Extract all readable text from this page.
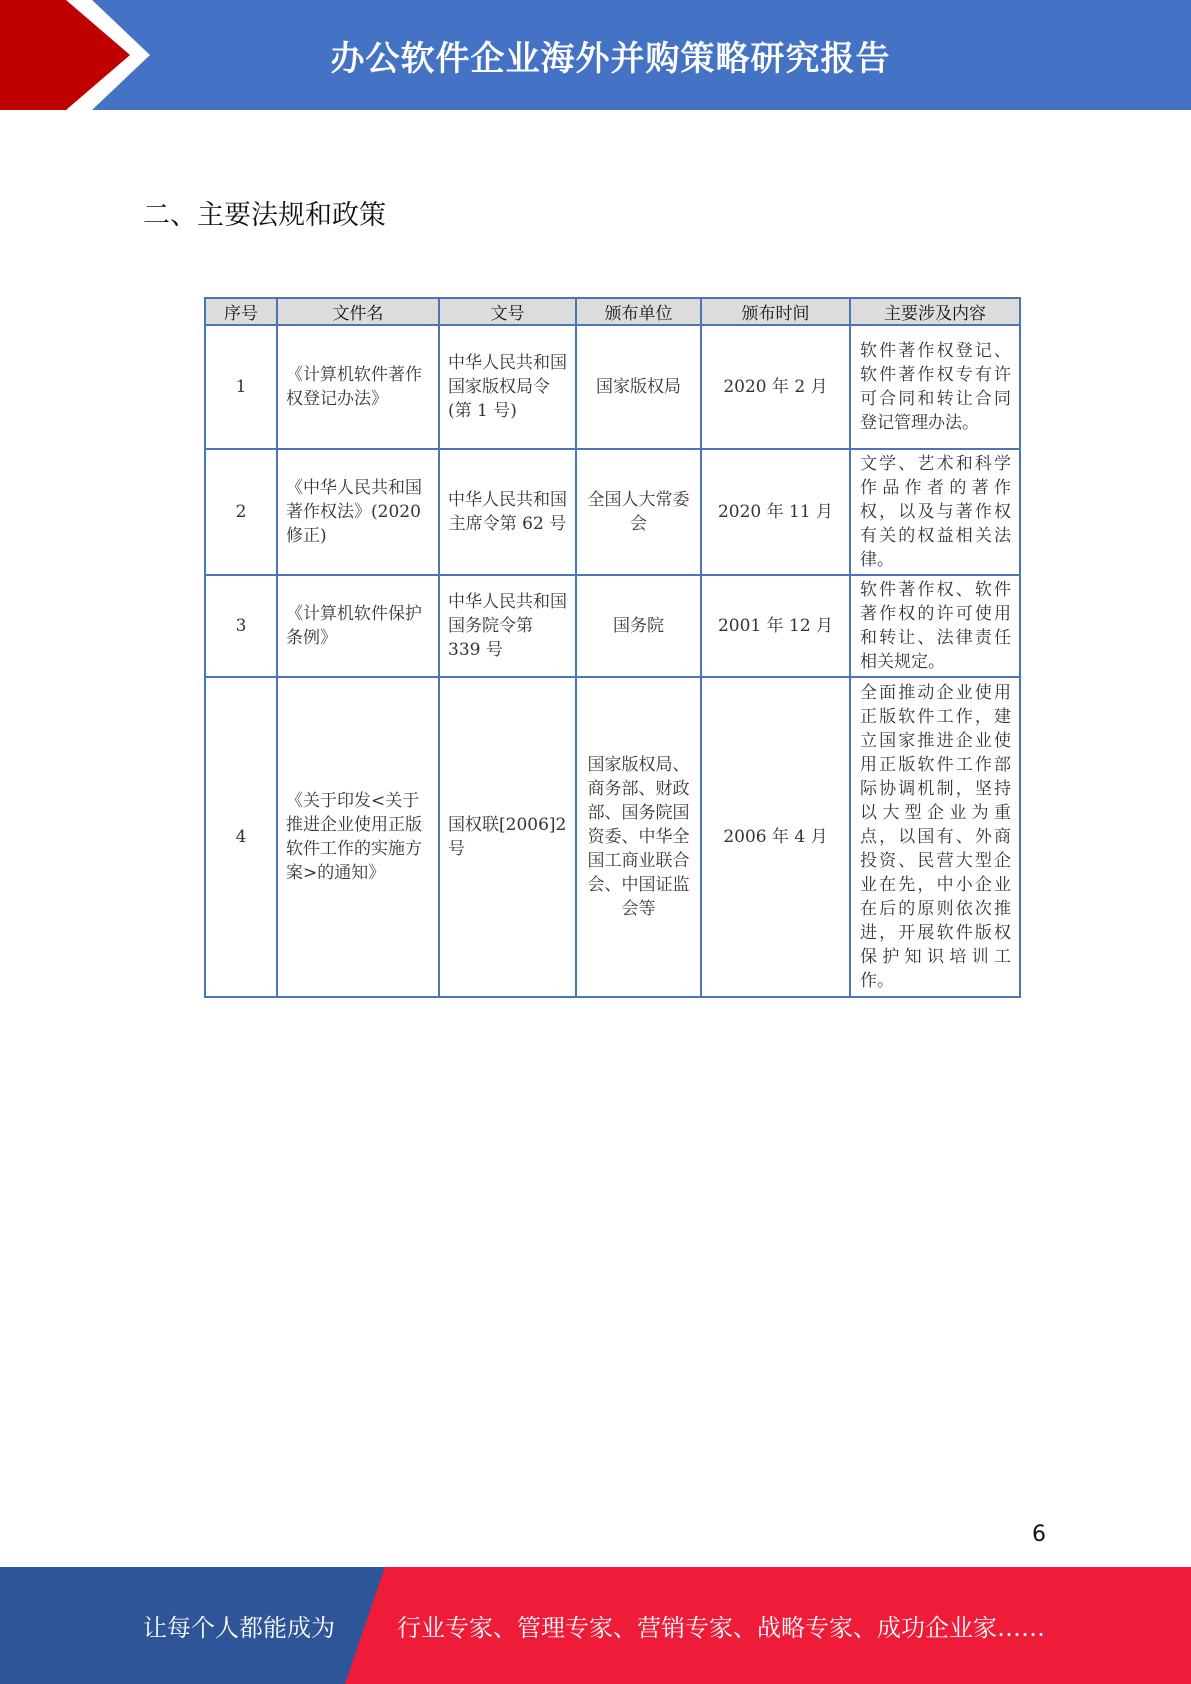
办公软件企业海外并购策略研究报告
二、主要法规和政策
序号	文件名	文号	颁布单位	颁布时间	主要涉及内容
1	《计算机软件著作权登记办法》	中华人民共和国国家版权局令(第 1 号)	国家版权局	2020 年 2 月	软件著作权登记、软件著作权专有许可合同和转让合同登记管理办法。
2	《中华人民共和国著作权法》(2020 修正)	中华人民共和国主席令第 62 号	全国人大常委会	2020 年 11 月	文学、艺术和科学作品作者的著作权，以及与著作权有关的权益相关法律。
3	《计算机软件保护条例》	中华人民共和国国务院令第 339 号	国务院	2001 年 12 月	软件著作权、软件著作权的许可使用和转让、法律责任相关规定。
4	《关于印发<关于推进企业使用正版软件工作的实施方案>的通知》	国权联[2006]2 号	国家版权局、商务部、财政部、国务院国资委、中华全国工商业联合会、中国证监会等	2006 年 4 月	全面推动企业使用正版软件工作，建立国家推进企业使用正版软件工作部际协调机制，坚持以大型企业为重点，以国有、外商投资、民营大型企业在先，中小企业在后的原则依次推进，开展软件版权保护知识培训工作。
6
让每个人都能成为	行业专家、管理专家、营销专家、战略专家、成功企业家……
